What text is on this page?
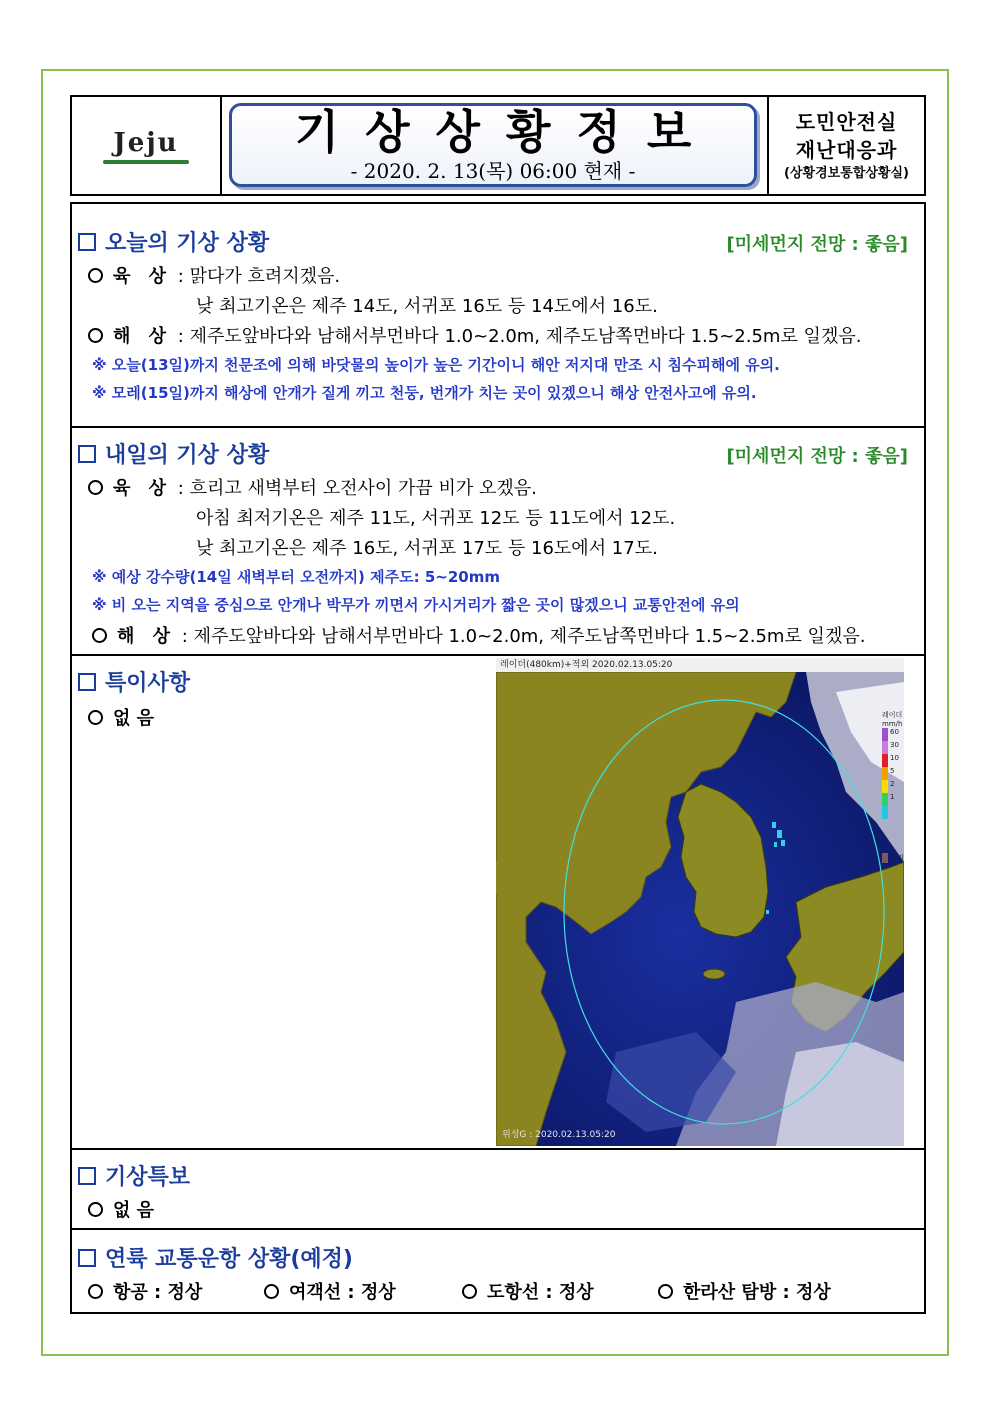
Jeju	기상상황정보
- 2020. 2. 13(목) 06:00 현재 -
도민안전실
재난대응과
(상황경보통합상황실)
오늘의 기상 상황	[미세먼지 전망 : 좋음]
육 상 : 맑다가 흐려지겠음.
낮 최고기온은 제주 14도, 서귀포 16도 등 14도에서 16도.
해 상 : 제주도앞바다와 남해서부먼바다 1.0~2.0m, 제주도남쪽먼바다 1.5~2.5m로 일겠음.
※ 오늘(13일)까지 천문조에 의해 바닷물의 높이가 높은 기간이니 해안 저지대 만조 시 침수피해에 유의.
※ 모레(15일)까지 해상에 안개가 짙게 끼고 천둥, 번개가 치는 곳이 있겠으니 해상 안전사고에 유의.
내일의 기상 상황	[미세먼지 전망 : 좋음]
육 상 : 흐리고 새벽부터 오전사이 가끔 비가 오겠음.
아침 최저기온은 제주 11도, 서귀포 12도 등 11도에서 12도.
낮 최고기온은 제주 16도, 서귀포 17도 등 16도에서 17도.
※ 예상 강수량(14일 새벽부터 오전까지) 제주도: 5~20mm
※ 비 오는 지역을 중심으로 안개나 박무가 끼면서 가시거리가 짧은 곳이 많겠으니 교통안전에 유의
해 상 : 제주도앞바다와 남해서부먼바다 1.0~2.0m, 제주도남쪽먼바다 1.5~2.5m로 일겠음.
특이사항
없 음
레이더(480km)+적외 2020.02.13.05:20
레이더
mm/h
60
30
10
5
2
1
낙뢰
위성G : 2020.02.13.05:20
기상특보
없 음
연륙 교통운항 상황(예정)
항공 : 정상	여객선 : 정상	도항선 : 정상	한라산 탐방 : 정상
